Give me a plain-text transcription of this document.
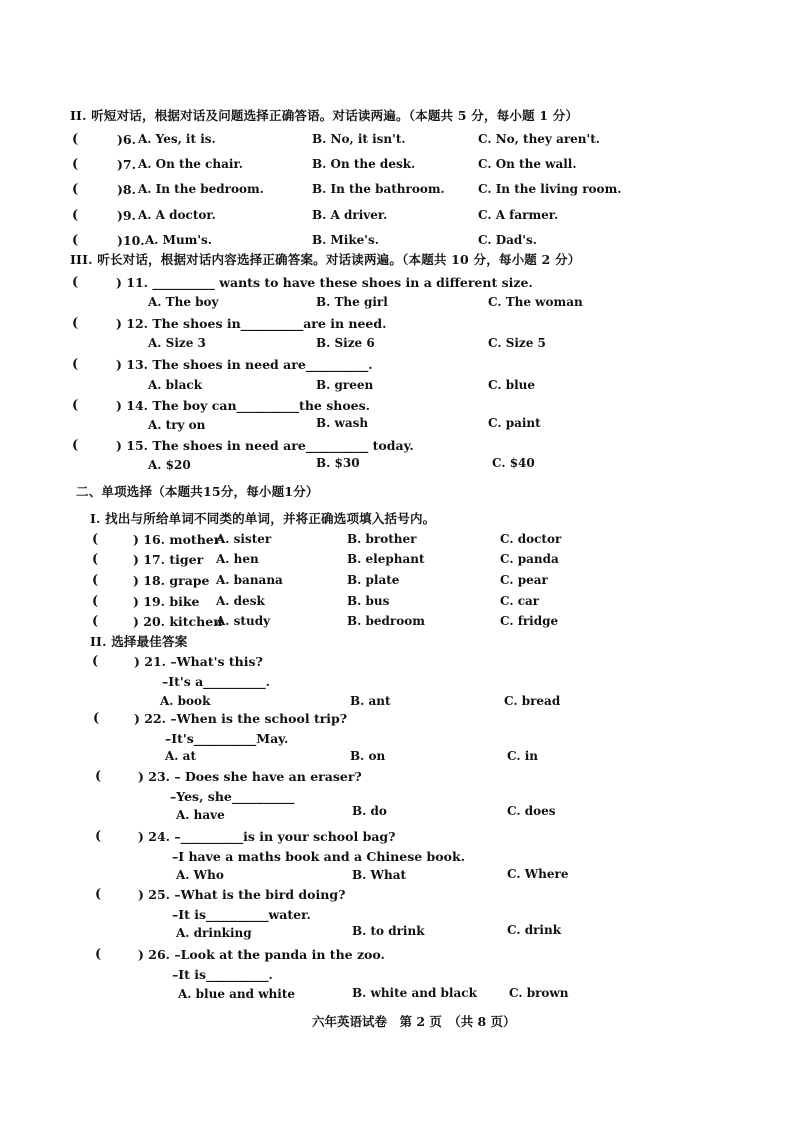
II. 听短对话，根据对话及问题选择正确答语。对话读两遍。（本题共 5 分，每小题 1 分）
(	)6. A. Yes, it is.	B. No, it isn't.	C. No, they aren't.
(	)7. A. On the chair.	B. On the desk.	C. On the wall.
(	)8. A. In the bedroom.	B. In the bathroom.	C. In the living room.
(	)9. A. A doctor.	B. A driver.	C. A farmer.
(	)10. A. Mum's.	B. Mike's.	C. Dad's.
III. 听长对话，根据对话内容选择正确答案。对话读两遍。（本题共 10 分，每小题 2 分）
(	) 11. __________ wants to have these shoes in a different size.
A. The boy	B. The girl	C. The woman
(	) 12. The shoes in__________are in need.
A. Size 3	B. Size 6	C. Size 5
(	) 13. The shoes in need are__________.
A. black	B. green	C. blue
(	) 14. The boy can__________the shoes.
A. try on	B. wash	C. paint
(	) 15. The shoes in need are__________ today.
A. $20	B. $30	C. $40
二、单项选择（本题共15分，每小题1分）
I. 找出与所给单词不同类的单词，并将正确选项填入括号内。
(	) 16. mother
A. sister	B. brother	C. doctor
(	) 17. tiger A. hen	B. elephant	C. panda
(	) 18. grape A. banana	B. plate	C. pear
(	) 19. bike A. desk	B. bus	C. car
(	) 20. kitchen
A. study	B. bedroom	C. fridge
II. 选择最佳答案
(	) 21. –What's this?
–It's a__________.
A. book	B. ant	C. bread
(	) 22. –When is the school trip?
–It's__________May.
A. at	B. on	C. in
(	) 23. – Does she have an eraser?
–Yes, she__________
A. have	B. do	C. does
(	) 24. –__________is in your school bag?
–I have a maths book and a Chinese book.
A. Who	B. What	C. Where
(	) 25. –What is the bird doing?
–It is__________water.
A. drinking	B. to drink	C. drink
(	) 26. –Look at the panda in the zoo.
–It is__________.
A. blue and white	B. white and black	C. brown
六年英语试卷　第 2 页　（共 8 页）
